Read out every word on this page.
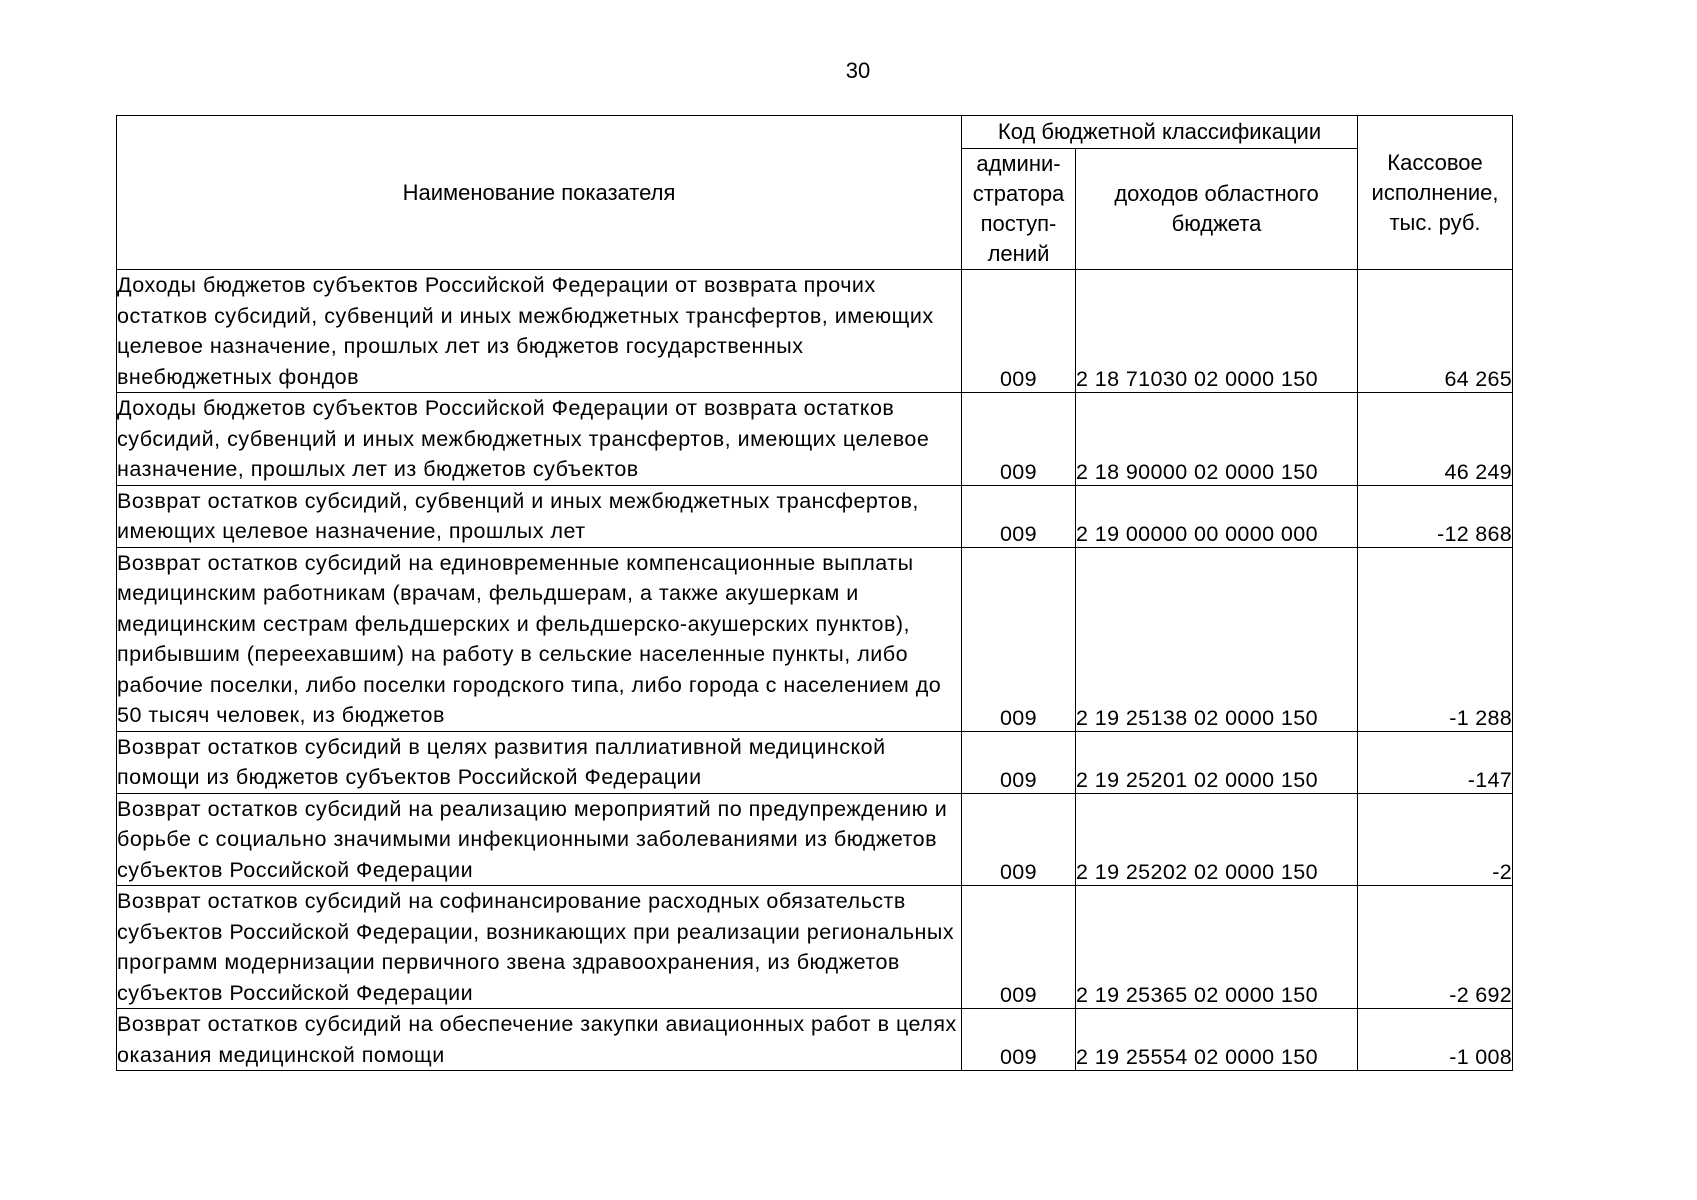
30
Наименование показателя	Код бюджетной классификации		Кассовое исполнение, тыс. руб.
	админи-стратора поступ-лений	доходов областного бюджета	
Доходы бюджетов субъектов Российской Федерации от возврата прочих остатков субсидий, субвенций и иных межбюджетных трансфертов, имеющих целевое назначение, прошлых лет из бюджетов государственных внебюджетных фондов	009	2 18 71030 02 0000 150	64 265
Доходы бюджетов субъектов Российской Федерации от возврата остатков субсидий, субвенций и иных межбюджетных трансфертов, имеющих целевое назначение, прошлых лет из бюджетов субъектов	009	2 18 90000 02 0000 150	46 249
Возврат остатков субсидий, субвенций и иных межбюджетных трансфертов, имеющих целевое назначение, прошлых лет	009	2 19 00000 00 0000 000	-12 868
Возврат остатков субсидий на единовременные компенсационные выплаты медицинским работникам (врачам, фельдшерам, а также акушеркам и медицинским сестрам фельдшерских и фельдшерско-акушерских пунктов), прибывшим (переехавшим) на работу в сельские населенные пункты, либо рабочие поселки, либо поселки городского типа, либо города с населением до 50 тысяч человек, из бюджетов	009	2 19 25138 02 0000 150	-1 288
Возврат остатков субсидий в целях развития паллиативной медицинской помощи из бюджетов субъектов Российской Федерации	009	2 19 25201 02 0000 150	-147
Возврат остатков субсидий на реализацию мероприятий по предупреждению и борьбе с социально значимыми инфекционными заболеваниями из бюджетов субъектов Российской Федерации	009	2 19 25202 02 0000 150	-2
Возврат остатков субсидий на софинансирование расходных обязательств субъектов Российской Федерации, возникающих при реализации региональных программ модернизации первичного звена здравоохранения, из бюджетов субъектов Российской Федерации	009	2 19 25365 02 0000 150	-2 692
Возврат остатков субсидий на обеспечение закупки авиационных работ в целях оказания медицинской помощи	009	2 19 25554 02 0000 150	-1 008
